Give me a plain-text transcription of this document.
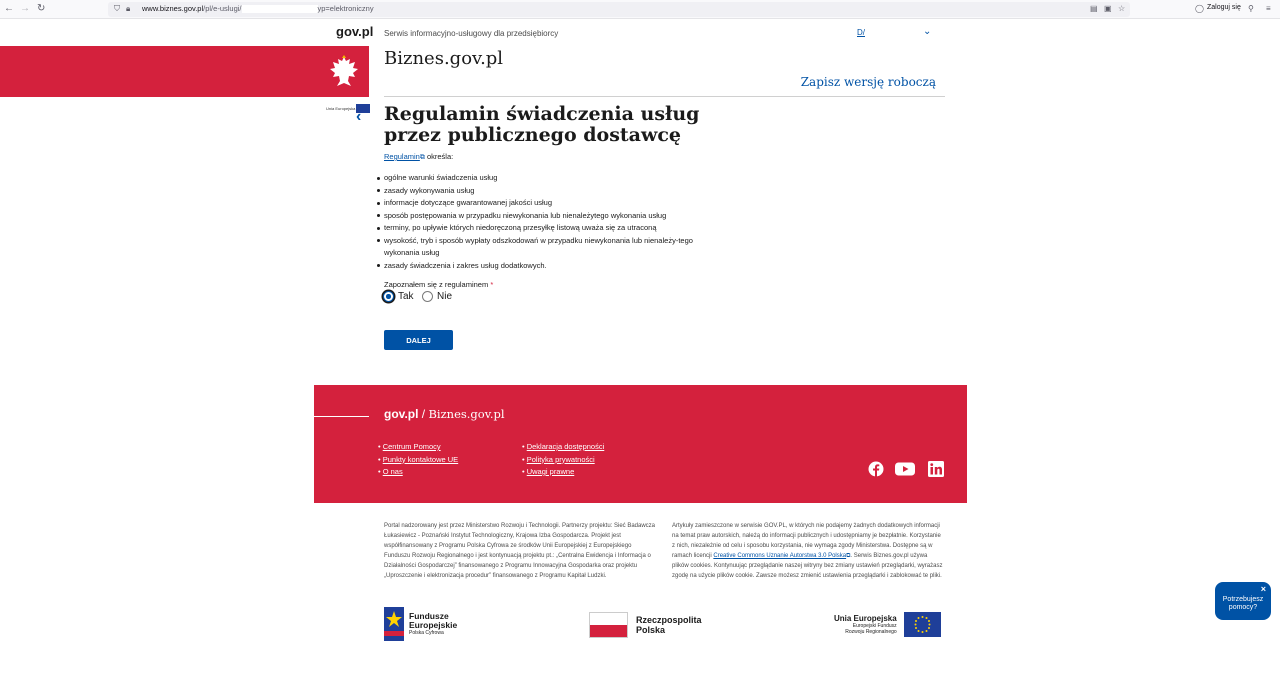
← → ↻	⛉ 🔒︎ www.biznes.gov.pl/pl/e-uslugi/	yp=elektroniczny	▤ ▣ ☆	◯ Zaloguj się ⚲ ≡
gov.pl
Unia Europejska ‹
Serwis informacyjno-usługowy dla przedsiębiorcy	D/	⌄
Biznes.gov.pl
Zapisz wersję roboczą
Regulamin świadczenia usług przez publicznego dostawcę
Regulamin⧉ określa:
ogólne warunki świadczenia usług
zasady wykonywania usług
informacje dotyczące gwarantowanej jakości usług
sposób postępowania w przypadku niewykonania lub nienależytego wykonania usług
terminy, po upływie których niedoręczoną przesyłkę listową uważa się za utraconą
wysokość, tryb i sposób wypłaty odszkodowań w przypadku niewykonania lub nienależy-tego wykonania usług
zasady świadczenia i zakres usług dodatkowych.
Zapoznałem się z regulaminem *
Tak Nie
DALEJ
gov.pl / Biznes.gov.pl
• Centrum Pomocy
• Punkty kontaktowe UE
• O nas
• Deklaracja dostępności
• Polityka prywatności
• Uwagi prawne
Portal nadzorowany jest przez Ministerstwo Rozwoju i Technologii. Partnerzy projektu: Sieć Badawcza Łukasiewicz - Poznański Instytut Technologiczny, Krajowa Izba Gospodarcza. Projekt jest współfinansowany z Programu Polska Cyfrowa ze środków Unii Europejskiej z Europejskiego Funduszu Rozwoju Regionalnego i jest kontynuacją projektu pt.: „Centralna Ewidencja i Informacja o Działalności Gospodarczej” finansowanego z Programu Innowacyjna Gospodarka oraz projektu „Uproszczenie i elektronizacja procedur” finansowanego z Programu Kapitał Ludzki.
Artykuły zamieszczone w serwisie GOV.PL, w których nie podajemy żadnych dodatkowych informacji na temat praw autorskich, należą do informacji publicznych i udostępniamy je bezpłatnie. Korzystanie z nich, niezależnie od celu i sposobu korzystania, nie wymaga zgody Ministerstwa. Dostępne są w ramach licencji Creative Commons Uznanie Autorstwa 3.0 Polska⧉. Serwis Biznes.gov.pl używa plików cookies. Kontynuując przeglądanie naszej witryny bez zmiany ustawień przeglądarki, wyrażasz zgodę na użycie plików cookie. Zawsze możesz zmienić ustawienia przeglądarki i zablokować te pliki.
Fundusze
Europejskie
Polska Cyfrowa
Rzeczpospolita
Polska
Unia Europejska
Europejski Fundusz
Rozwoju Regionalnego
×
Potrzebujesz
pomocy?
